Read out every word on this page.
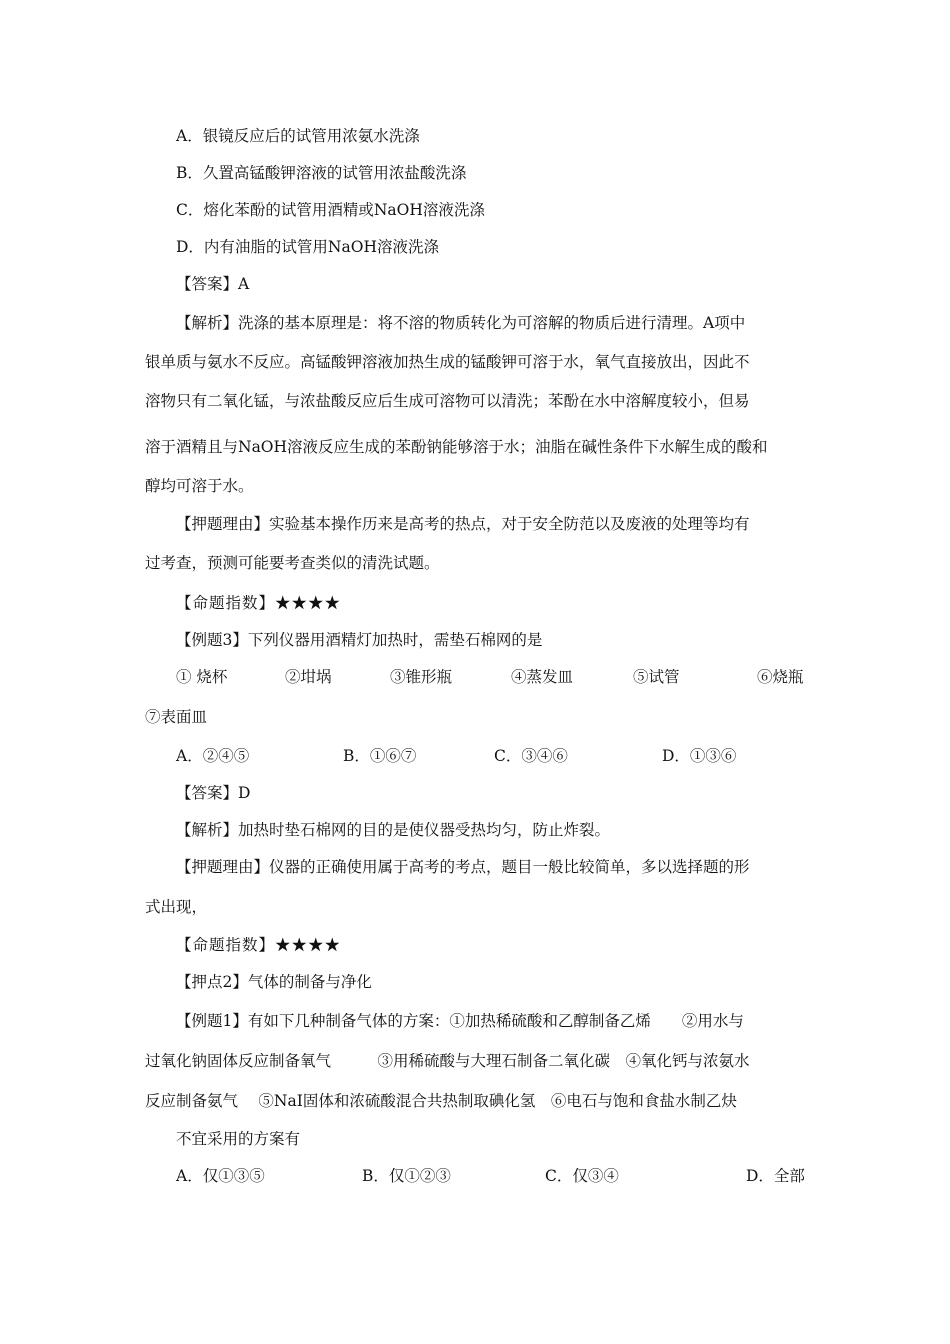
A．银镜反应后的试管用浓氨水洗涤
B．久置高锰酸钾溶液的试管用浓盐酸洗涤
C．熔化苯酚的试管用酒精或NaOH溶液洗涤
D．内有油脂的试管用NaOH溶液洗涤
【答案】A
【解析】洗涤的基本原理是：将不溶的物质转化为可溶解的物质后进行清理。A项中
银单质与氨水不反应。高锰酸钾溶液加热生成的锰酸钾可溶于水，氧气直接放出，因此不
溶物只有二氧化锰，与浓盐酸反应后生成可溶物可以清洗；苯酚在水中溶解度较小，但易
溶于酒精且与NaOH溶液反应生成的苯酚钠能够溶于水；油脂在碱性条件下水解生成的酸和
醇均可溶于水。
【押题理由】实验基本操作历来是高考的热点，对于安全防范以及废液的处理等均有
过考查，预测可能要考查类似的清洗试题。
【命题指数】★★★★
【例题3】下列仪器用酒精灯加热时，需垫石棉网的是
① 烧杯	②坩埚	③锥形瓶	④蒸发皿	⑤试管	⑥烧瓶
⑦表面皿
A．②④⑤	B．①⑥⑦	C．③④⑥	D．①③⑥
【答案】D
【解析】加热时垫石棉网的目的是使仪器受热均匀，防止炸裂。
【押题理由】仪器的正确使用属于高考的考点，题目一般比较简单，多以选择题的形
式出现，
【命题指数】★★★★
【押点2】气体的制备与净化
【例题1】有如下几种制备气体的方案：①加热稀硫酸和乙醇制备乙烯　　②用水与
过氧化钠固体反应制备氧气　　　③用稀硫酸与大理石制备二氧化碳　④氧化钙与浓氨水
反应制备氨气　 ⑤NaI固体和浓硫酸混合共热制取碘化氢　⑥电石与饱和食盐水制乙炔
不宜采用的方案有
A．仅①③⑤	B．仅①②③	C．仅③④	D．全部
